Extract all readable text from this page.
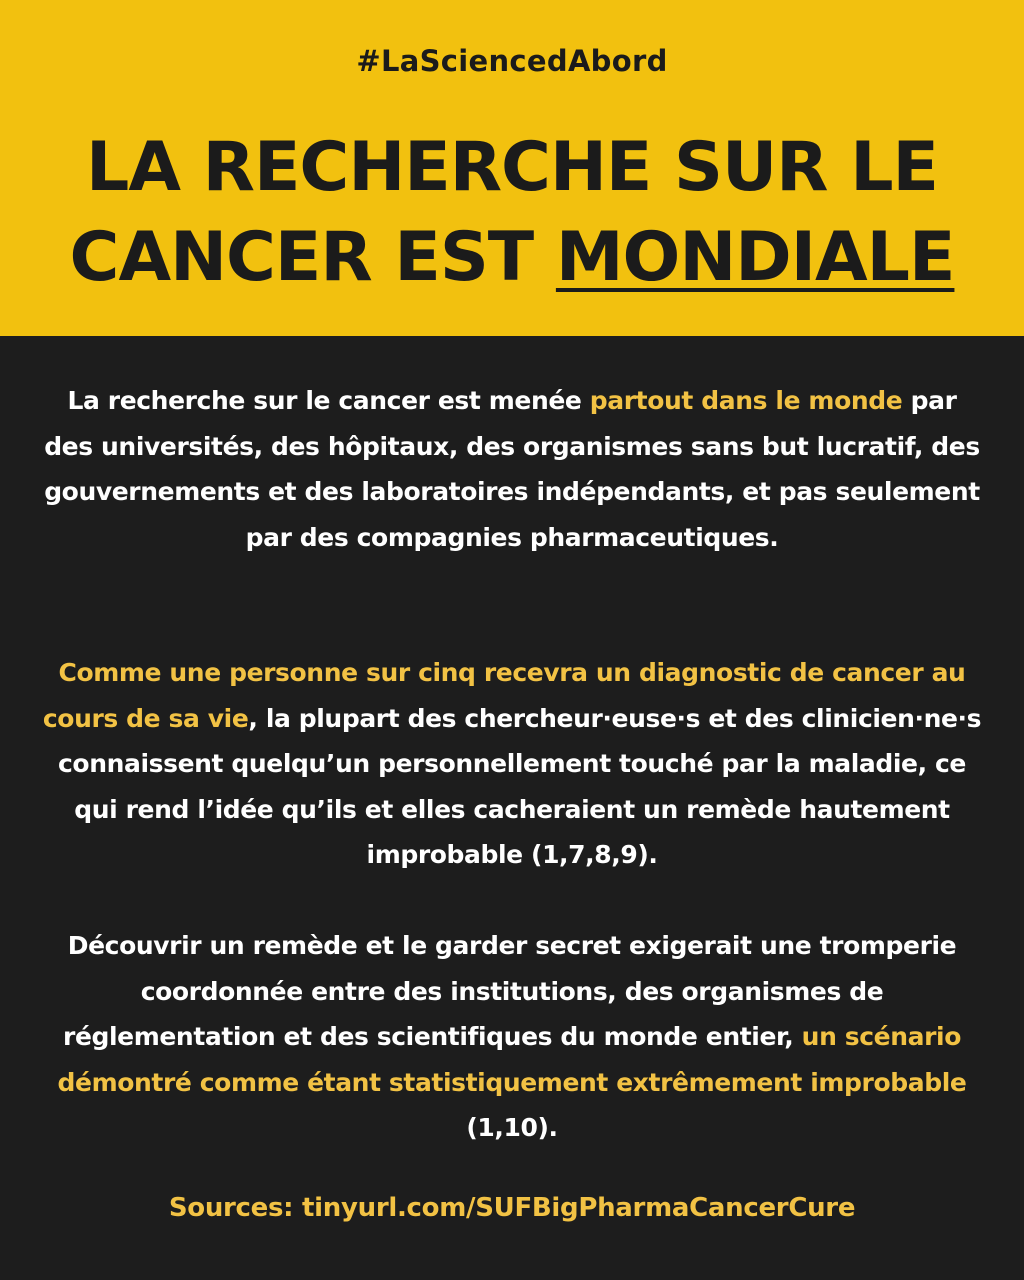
#LaSciencedAbord
LA RECHERCHE SUR LE
CANCER EST MONDIALE

La recherche sur le cancer est menée partout dans le monde par des universités, des hôpitaux, des organismes sans but lucratif, des gouvernements et des laboratoires indépendants, et pas seulement par des compagnies pharmaceutiques.

Comme une personne sur cinq recevra un diagnostic de cancer au cours de sa vie, la plupart des chercheur·euse·s et des clinicien·ne·s connaissent quelqu’un personnellement touché par la maladie, ce qui rend l’idée qu’ils et elles cacheraient un remède hautement improbable (1,7,8,9).

Découvrir un remède et le garder secret exigerait une tromperie coordonnée entre des institutions, des organismes de réglementation et des scientifiques du monde entier, un scénario démontré comme étant statistiquement extrêmement improbable (1,10).

Sources: tinyurl.com/SUFBigPharmaCancerCure
